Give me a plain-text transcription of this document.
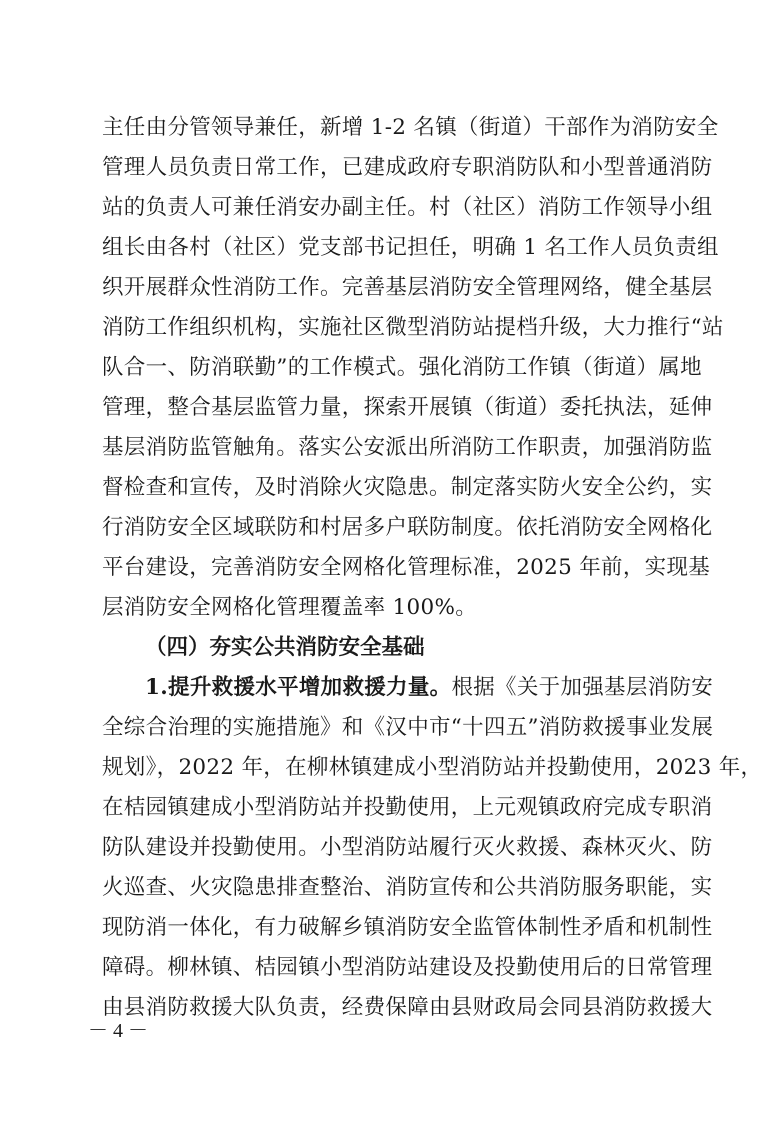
主任由分管领导兼任，新增 1-2 名镇（街道）干部作为消防安全
管理人员负责日常工作，已建成政府专职消防队和小型普通消防
站的负责人可兼任消安办副主任。村（社区）消防工作领导小组
组长由各村（社区）党支部书记担任，明确 1 名工作人员负责组
织开展群众性消防工作。完善基层消防安全管理网络，健全基层
消防工作组织机构，实施社区微型消防站提档升级，大力推行“站
队合一、防消联勤”的工作模式。强化消防工作镇（街道）属地
管理，整合基层监管力量，探索开展镇（街道）委托执法，延伸
基层消防监管触角。落实公安派出所消防工作职责，加强消防监
督检查和宣传，及时消除火灾隐患。制定落实防火安全公约，实
行消防安全区域联防和村居多户联防制度。依托消防安全网格化
平台建设，完善消防安全网格化管理标准，2025 年前，实现基
层消防安全网格化管理覆盖率 100%。
（四）夯实公共消防安全基础
1.提升救援水平增加救援力量。根据《关于加强基层消防安
全综合治理的实施措施》和《汉中市“十四五”消防救援事业发展
规划》，2022 年，在柳林镇建成小型消防站并投勤使用，2023 年，
在桔园镇建成小型消防站并投勤使用，上元观镇政府完成专职消
防队建设并投勤使用。小型消防站履行灭火救援、森林灭火、防
火巡查、火灾隐患排查整治、消防宣传和公共消防服务职能，实
现防消一体化，有力破解乡镇消防安全监管体制性矛盾和机制性
障碍。柳林镇、桔园镇小型消防站建设及投勤使用后的日常管理
由县消防救援大队负责，经费保障由县财政局会同县消防救援大
－ 4 －
